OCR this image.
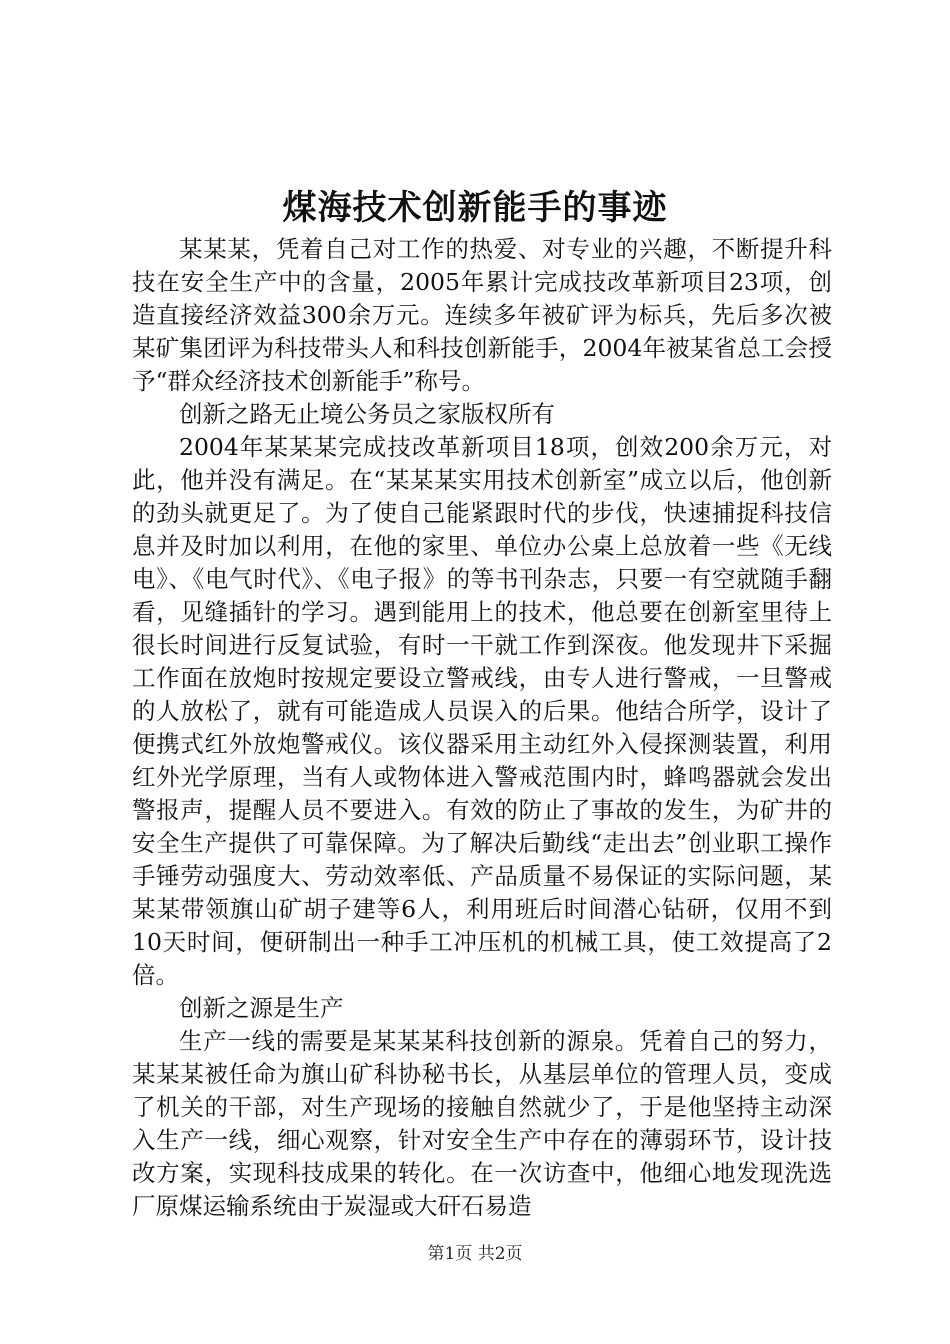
煤海技术创新能手的事迹

某某某，凭着自己对工作的热爱、对专业的兴趣，不断提升科技在安全生产中的含量，2005年累计完成技改革新项目23项，创造直接经济效益300余万元。连续多年被矿评为标兵，先后多次被某矿集团评为科技带头人和科技创新能手，2004年被某省总工会授予“群众经济技术创新能手”称号。

创新之路无止境公务员之家版权所有

2004年某某某完成技改革新项目18项，创效200余万元，对此，他并没有满足。在“某某某实用技术创新室”成立以后，他创新的劲头就更足了。为了使自己能紧跟时代的步伐，快速捕捉科技信息并及时加以利用，在他的家里、单位办公桌上总放着一些《无线电》、《电气时代》、《电子报》的等书刊杂志，只要一有空就随手翻看，见缝插针的学习。遇到能用上的技术，他总要在创新室里待上很长时间进行反复试验，有时一干就工作到深夜。他发现井下采掘工作面在放炮时按规定要设立警戒线，由专人进行警戒，一旦警戒的人放松了，就有可能造成人员误入的后果。他结合所学，设计了便携式红外放炮警戒仪。该仪器采用主动红外入侵探测装置，利用红外光学原理，当有人或物体进入警戒范围内时，蜂鸣器就会发出警报声，提醒人员不要进入。有效的防止了事故的发生，为矿井的安全生产提供了可靠保障。为了解决后勤线“走出去”创业职工操作手锤劳动强度大、劳动效率低、产品质量不易保证的实际问题，某某某带领旗山矿胡子建等6人，利用班后时间潜心钻研，仅用不到10天时间，便研制出一种手工冲压机的机械工具，使工效提高了2倍。

创新之源是生产

生产一线的需要是某某某科技创新的源泉。凭着自己的努力，某某某被任命为旗山矿科协秘书长，从基层单位的管理人员，变成了机关的干部，对生产现场的接触自然就少了，于是他坚持主动深入生产一线，细心观察，针对安全生产中存在的薄弱环节，设计技改方案，实现科技成果的转化。在一次访查中，他细心地发现洗选厂原煤运输系统由于炭湿或大矸石易造

第1页 共2页
